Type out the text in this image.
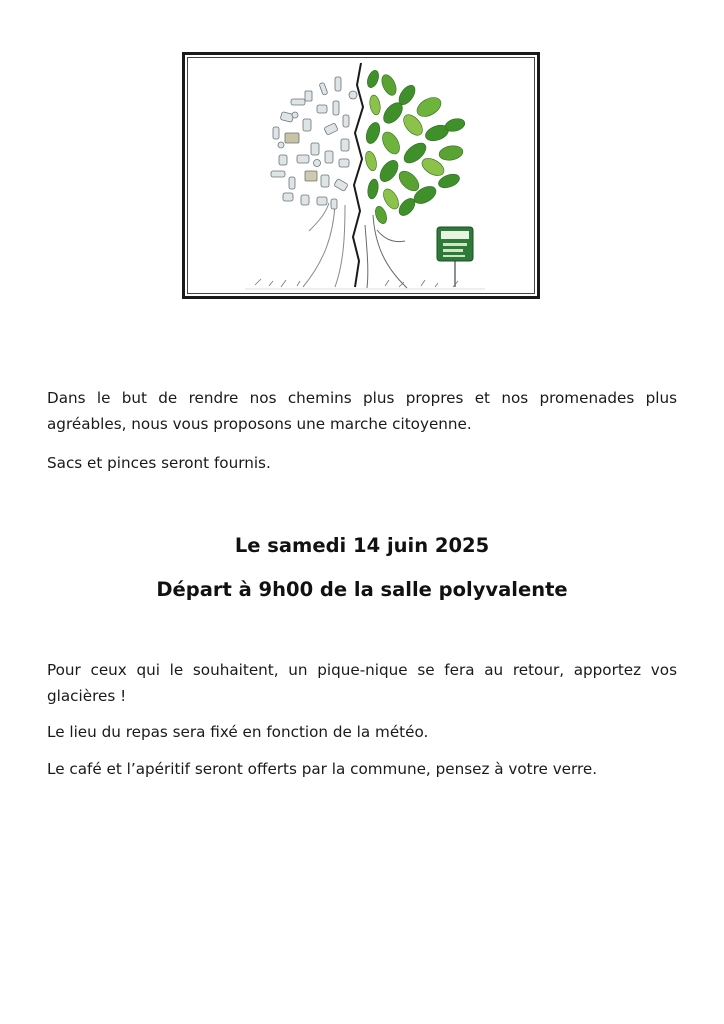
Dans le but de rendre nos chemins plus propres et nos promenades plus agréables, nous vous proposons une marche citoyenne.

Sacs et pinces seront fournis.

Le samedi 14 juin 2025

Départ à 9h00 de la salle polyvalente

Pour ceux qui le souhaitent, un pique-nique se fera au retour, apportez vos glacières !

Le lieu du repas sera fixé en fonction de la météo.

Le café et l’apéritif seront offerts par la commune, pensez à votre verre.
